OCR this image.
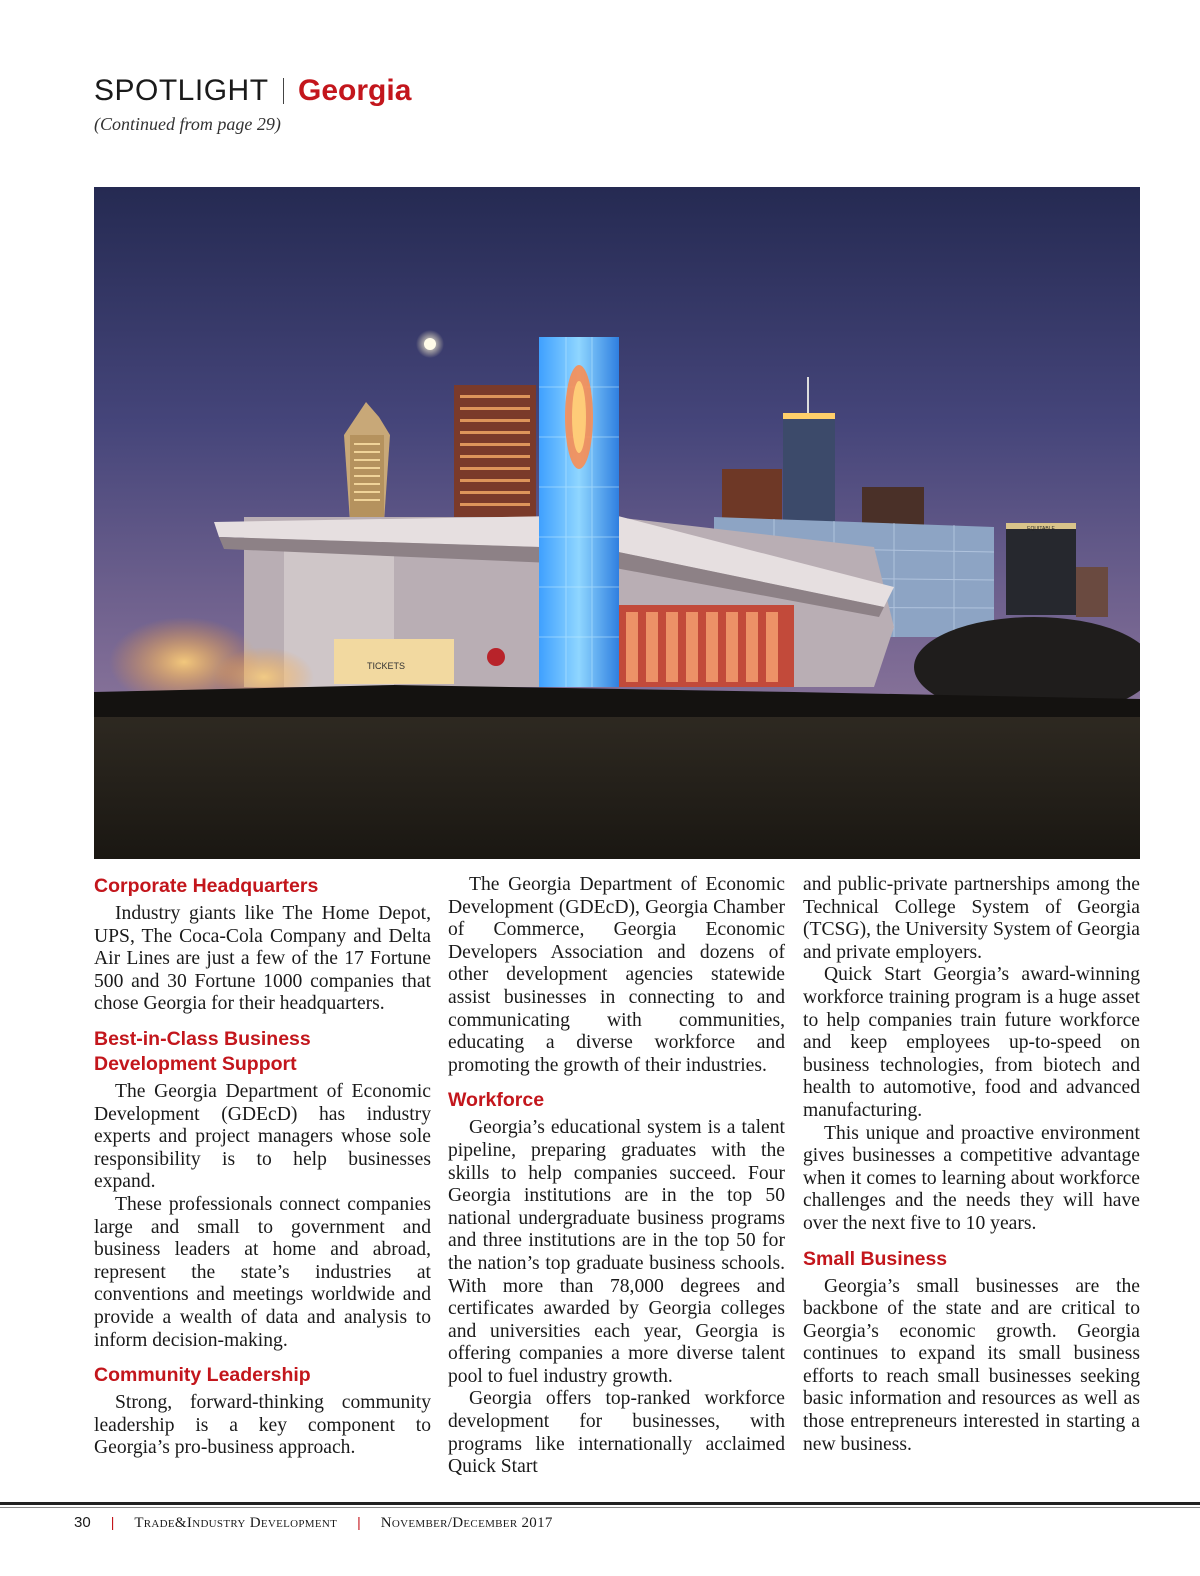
SPOTLIGHT Georgia
(Continued from page 29)
EQUITABLE
TICKETS
Corporate Headquarters

Industry giants like The Home Depot, UPS, The Coca-Cola Company and Delta Air Lines are just a few of the 17 Fortune 500 and 30 Fortune 1000 companies that chose Georgia for their headquarters.

Best-in-Class Business Development Support

The Georgia Department of Economic Development (GDEcD) has industry experts and project managers whose sole responsibility is to help businesses expand.

These professionals connect companies large and small to government and business leaders at home and abroad, represent the state’s industries at conventions and meetings worldwide and provide a wealth of data and analysis to inform decision-making.

Community Leadership

Strong, forward-thinking community leadership is a key component to Georgia’s pro-business approach.

The Georgia Department of Economic Development (GDEcD), Georgia Chamber of Commerce, Georgia Economic Developers Association and dozens of other development agencies statewide assist businesses in connecting to and communicating with communities, educating a diverse workforce and promoting the growth of their industries.

Workforce

Georgia’s educational system is a talent pipeline, preparing graduates with the skills to help companies succeed. Four Georgia institutions are in the top 50 national undergraduate business programs and three institutions are in the top 50 for the nation’s top graduate business schools. With more than 78,000 degrees and certificates awarded by Georgia colleges and universities each year, Georgia is offering companies a more diverse talent pool to fuel industry growth.

Georgia offers top-ranked workforce development for businesses, with programs like internationally acclaimed Quick Start

and public-private partnerships among the Technical College System of Georgia (TCSG), the University System of Georgia and private employers.

Quick Start Georgia’s award-winning workforce training program is a huge asset to help companies train future workforce and keep employees up-to-speed on business technologies, from biotech and health to automotive, food and advanced manufacturing.

This unique and proactive environment gives businesses a competitive advantage when it comes to learning about workforce challenges and the needs they will have over the next five to 10 years.

Small Business

Georgia’s small businesses are the backbone of the state and are critical to Georgia’s economic growth. Georgia continues to expand its small business efforts to reach small businesses seeking basic information and resources as well as those entrepreneurs interested in starting a new business.

30 | Trade&Industry Development | November/December 2017
